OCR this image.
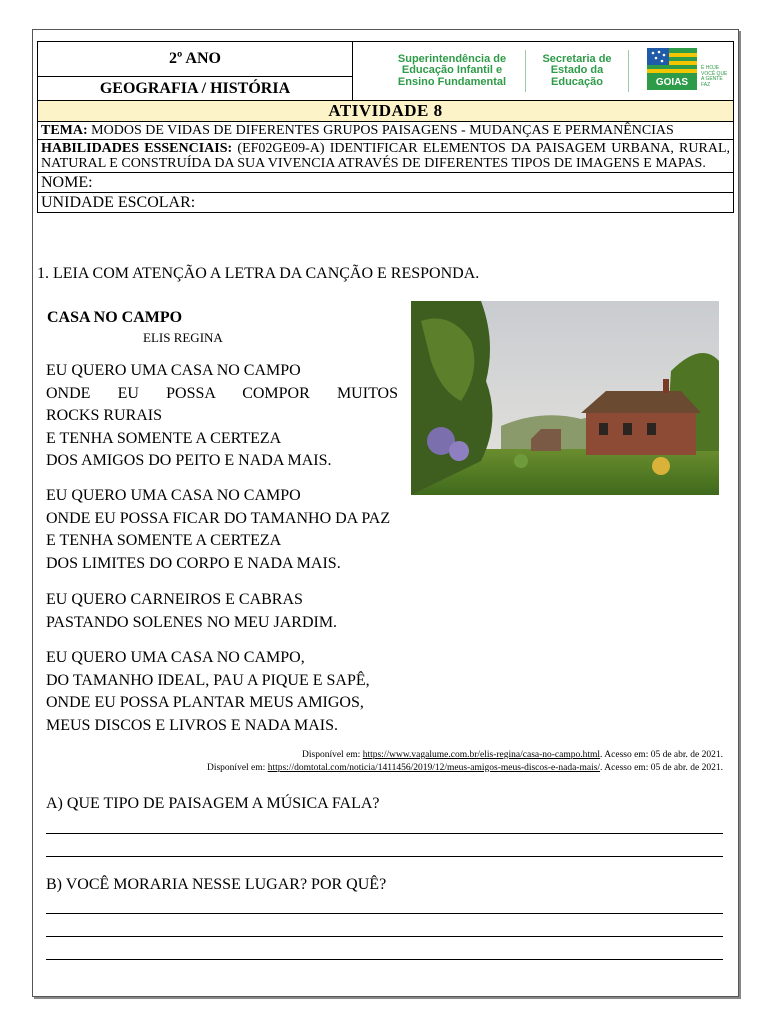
2º ANO	Superintendência de
Educação Infantil e
Ensino Fundamental
Secretaria de
Estado da
Educação	GOIAS
É HOJE VOCÊ QUE A GENTE FAZ

GEOGRAFIA / HISTÓRIA
ATIVIDADE 8
TEMA: MODOS DE VIDAS DE DIFERENTES GRUPOS PAISAGENS - MUDANÇAS E PERMANÊNCIAS
HABILIDADES ESSENCIAIS: (EF02GE09-A) IDENTIFICAR ELEMENTOS DA PAISAGEM URBANA, RURAL, NATURAL E CONSTRUÍDA DA SUA VIVENCIA ATRAVÉS DE DIFERENTES TIPOS DE IMAGENS E MAPAS.
NOME:
UNIDADE ESCOLAR:
1. LEIA COM ATENÇÃO A LETRA DA CANÇÃO E RESPONDA.
CASA NO CAMPO
ELIS REGINA
EU QUERO UMA CASA NO CAMPO
ONDE EU POSSA COMPOR MUITOS
ROCKS RURAIS
E TENHA SOMENTE A CERTEZA
DOS AMIGOS DO PEITO E NADA MAIS.
EU QUERO UMA CASA NO CAMPO
ONDE EU POSSA FICAR DO TAMANHO DA PAZ
E TENHA SOMENTE A CERTEZA
DOS LIMITES DO CORPO E NADA MAIS.
EU QUERO CARNEIROS E CABRAS
PASTANDO SOLENES NO MEU JARDIM.
EU QUERO UMA CASA NO CAMPO,
DO TAMANHO IDEAL, PAU A PIQUE E SAPÊ,
ONDE EU POSSA PLANTAR MEUS AMIGOS,
MEUS DISCOS E LIVROS E NADA MAIS.
Disponível em: https://www.vagalume.com.br/elis-regina/casa-no-campo.html. Acesso em: 05 de abr. de 2021.
Disponível em: https://domtotal.com/noticia/1411456/2019/12/meus-amigos-meus-discos-e-nada-mais/. Acesso em: 05 de abr. de 2021.
A) QUE TIPO DE PAISAGEM A MÚSICA FALA?
B) VOCÊ MORARIA NESSE LUGAR? POR QUÊ?
